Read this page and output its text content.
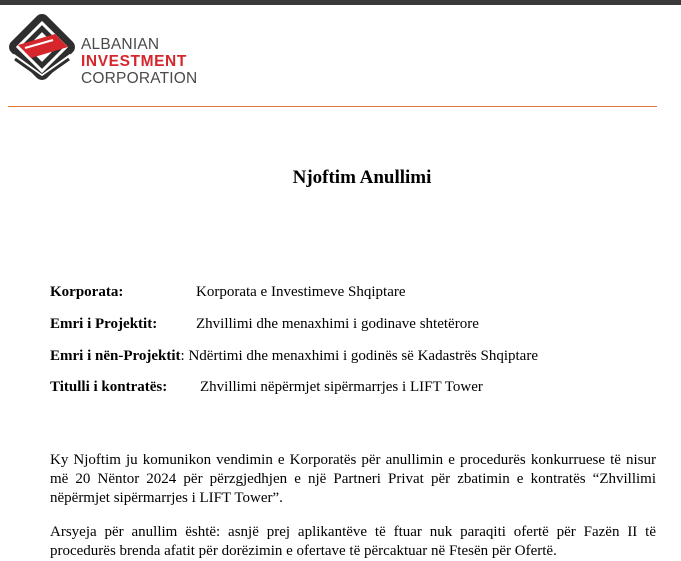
ALBANIAN
INVESTMENT
CORPORATION
Njoftim Anullimi
Korporata:	Korporata e Investimeve Shqiptare
Emri i Projektit:	Zhvillimi dhe menaxhimi i godinave shtetërore
Emri i nën-Projektit: Ndërtimi dhe menaxhimi i godinës së Kadastrës Shqiptare
Titulli i kontratës: Zhvillimi nëpërmjet sipërmarrjes i LIFT Tower
Ky Njoftim ju komunikon vendimin e Korporatës për anullimin e procedurës konkurruese të nisur më 20 Nëntor 2024 për përzgjedhjen e një Partneri Privat për zbatimin e kontratës “Zhvillimi nëpërmjet sipërmarrjes i LIFT Tower”.
Arsyeja për anullim është: asnjë prej aplikantëve të ftuar nuk paraqiti ofertë për Fazën II të procedurës brenda afatit për dorëzimin e ofertave të përcaktuar në Ftesën për Ofertë.
